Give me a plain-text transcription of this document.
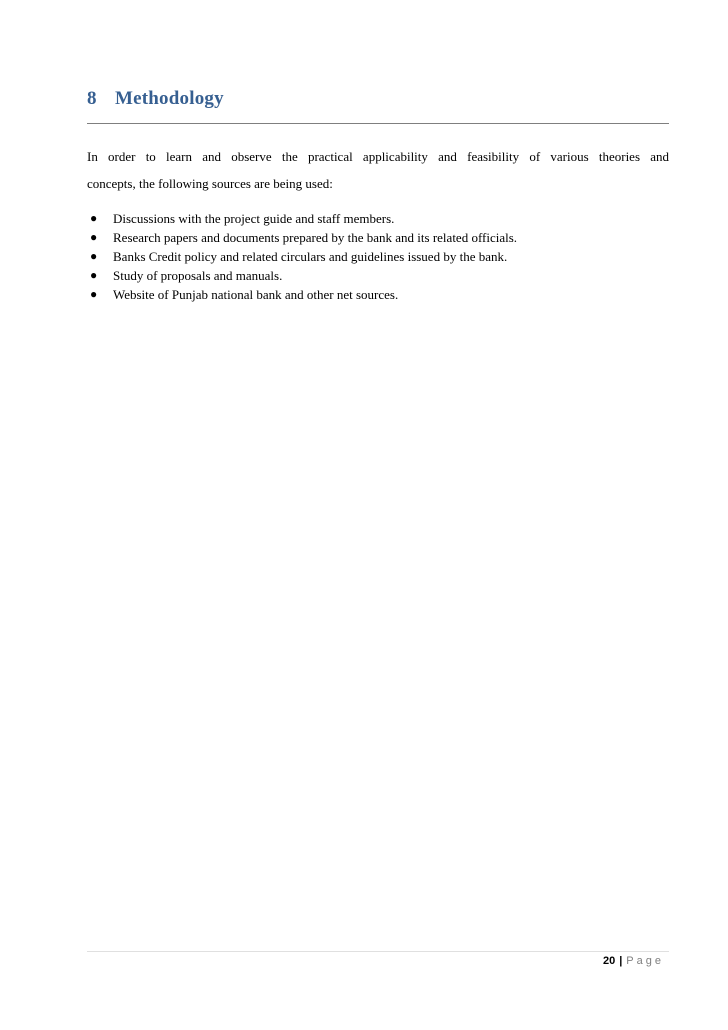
8 Methodology
In order to learn and observe the practical applicability and feasibility of various theories and
concepts, the following sources are being used:
● Discussions with the project guide and staff members.
● Research papers and documents prepared by the bank and its related officials.
● Banks Credit policy and related circulars and guidelines issued by the bank.
● Study of proposals and manuals.
● Website of Punjab national bank and other net sources.
20 | Page
